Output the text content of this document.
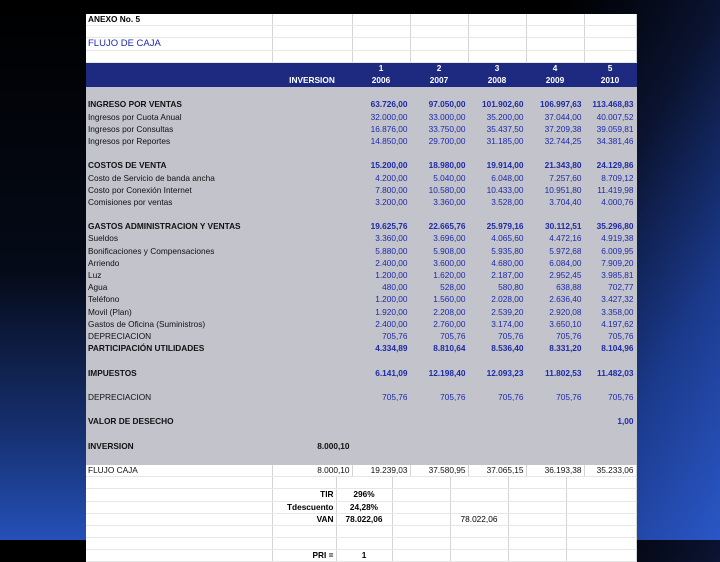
ANEXO No. 5						

FLUJO DE CAJA						

		1	2	3	4	5
	INVERSION	2006	2007	2008	2009	2010

INGRESO POR VENTAS		63.726,00	97.050,00	101.902,60	106.997,63	113.468,83
Ingresos por Cuota Anual		32.000,00	33.000,00	35.200,00	37.044,00	40.007,52
Ingresos por Consultas		16.876,00	33.750,00	35.437,50	37.209,38	39.059,81
Ingresos por Reportes		14.850,00	29.700,00	31.185,00	32.744,25	34.381,46

COSTOS DE VENTA		15.200,00	18.980,00	19.914,00	21.343,80	24.129,86
Costo de Servicio de banda ancha		4.200,00	5.040,00	6.048,00	7.257,60	8.709,12
Costo por Conexión Internet		7.800,00	10.580,00	10.433,00	10.951,80	11.419,98
Comisiones por ventas		3.200,00	3.360,00	3.528,00	3.704,40	4.000,76

GASTOS ADMINISTRACION Y VENTAS		19.625,76	22.665,76	25.979,16	30.112,51	35.296,80
Sueldos		3.360,00	3.696,00	4.065,60	4.472,16	4.919,38
Bonificaciones y Compensaciones		5.880,00	5.908,00	5.935,80	5.972,68	6.009,95
Arriendo		2.400,00	3.600,00	4.680,00	6.084,00	7.909,20
Luz		1.200,00	1.620,00	2.187,00	2.952,45	3.985,81
Agua		480,00	528,00	580,80	638,88	702,77
Teléfono		1.200,00	1.560,00	2.028,00	2.636,40	3.427,32
Movil (Plan)		1.920,00	2.208,00	2.539,20	2.920,08	3.358,00
Gastos de Oficina (Suministros)		2.400,00	2.760,00	3.174,00	3.650,10	4.197,62
DEPRECIACION		705,76	705,76	705,76	705,76	705,76
PARTICIPACIÓN UTILIDADES		4.334,89	8.810,64	8.536,40	8.331,20	8.104,96

IMPUESTOS		6.141,09	12.198,40	12.093,23	11.802,53	11.482,03

DEPRECIACION		705,76	705,76	705,76	705,76	705,76

VALOR DE DESECHO						1,00

INVERSION	8.000,10					

FLUJO CAJA	8.000,10	19.239,03	37.580,95	37.065,15	36.193,38	35.233,06

	TIR	296%				
	Tdescuento	24,28%				
	VAN	78.022,06		78.022,06		

	PRI =	1				
